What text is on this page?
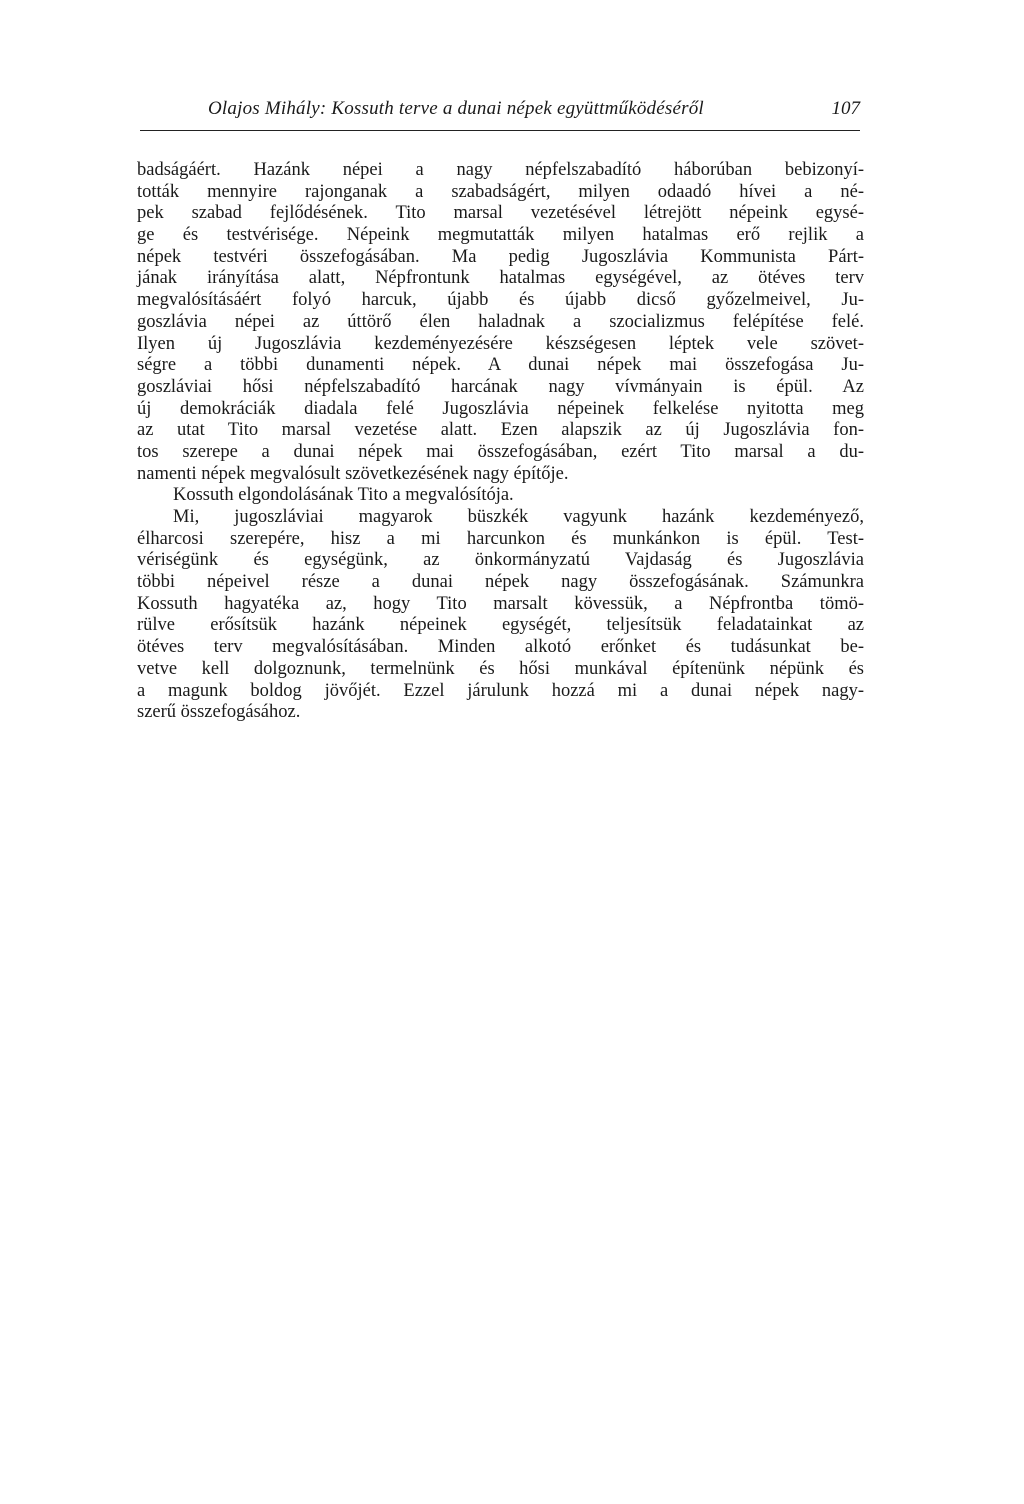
Olajos Mihály: Kossuth terve a dunai népek együttműködéséről	107
badságáért. Hazánk népei a nagy népfelszabadító háborúban bebizonyí-
tották mennyire rajonganak a szabadságért, milyen odaadó hívei a né-
pek szabad fejlődésének. Tito marsal vezetésével létrejött népeink egysé-
ge és testvérisége. Népeink megmutatták milyen hatalmas erő rejlik a
népek testvéri összefogásában. Ma pedig Jugoszlávia Kommunista Párt-
jának irányítása alatt, Népfrontunk hatalmas egységével, az ötéves terv
megvalósításáért folyó harcuk, újabb és újabb dicső győzelmeivel, Ju-
goszlávia népei az úttörő élen haladnak a szocializmus felépítése felé.
Ilyen új Jugoszlávia kezdeményezésére készségesen léptek vele szövet-
ségre a többi dunamenti népek. A dunai népek mai összefogása Ju-
goszláviai hősi népfelszabadító harcának nagy vívmányain is épül. Az
új demokráciák diadala felé Jugoszlávia népeinek felkelése nyitotta meg
az utat Tito marsal vezetése alatt. Ezen alapszik az új Jugoszlávia fon-
tos szerepe a dunai népek mai összefogásában, ezért Tito marsal a du-
namenti népek megvalósult szövetkezésének nagy építője.
Kossuth elgondolásának Tito a megvalósítója.
Mi, jugoszláviai magyarok büszkék vagyunk hazánk kezdeményező,
élharcosi szerepére, hisz a mi harcunkon és munkánkon is épül. Test-
vériségünk és egységünk, az önkormányzatú Vajdaság és Jugoszlávia
többi népeivel része a dunai népek nagy összefogásának. Számunkra
Kossuth hagyatéka az, hogy Tito marsalt kövessük, a Népfrontba tömö-
rülve erősítsük hazánk népeinek egységét, teljesítsük feladatainkat az
ötéves terv megvalósításában. Minden alkotó erőnket és tudásunkat be-
vetve kell dolgoznunk, termelnünk és hősi munkával építenünk népünk és
a magunk boldog jövőjét. Ezzel járulunk hozzá mi a dunai népek nagy-
szerű összefogásához.
